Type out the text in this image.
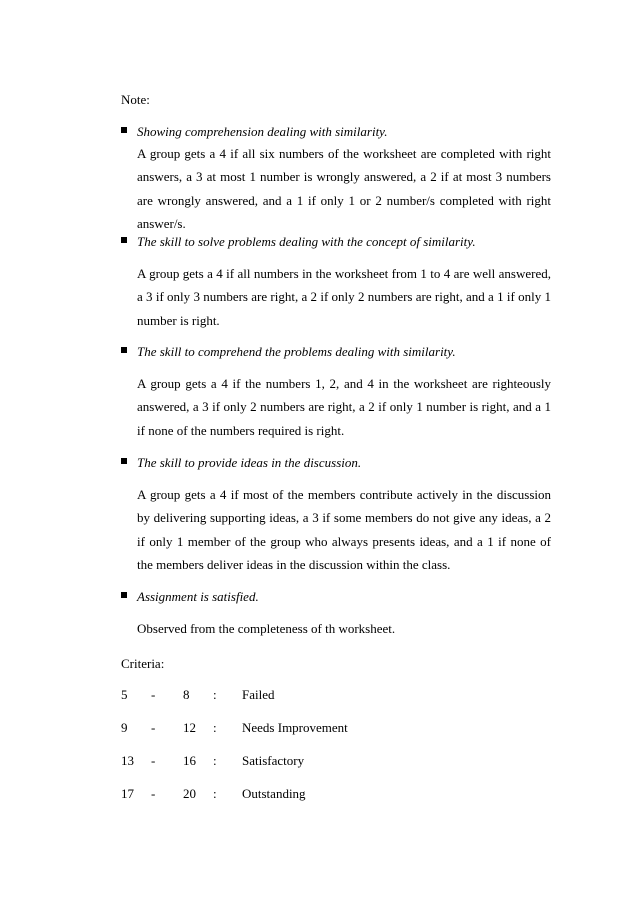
Note:
Showing comprehension dealing with similarity.

A group gets a 4 if all six numbers of the worksheet are completed with right answers, a 3 at most 1 number is wrongly answered, a 2 if at most 3 numbers are wrongly answered, and a 1 if only 1 or 2 number/s completed with right answer/s.

The skill to solve problems dealing with the concept of similarity.

A group gets a 4 if all numbers in the worksheet from 1 to 4 are well answered, a 3 if only 3 numbers are right, a 2 if only 2 numbers are right, and a 1 if only 1 number is right.

The skill to comprehend the problems dealing with similarity.

A group gets a 4 if the numbers 1, 2, and 4 in the worksheet are righteously answered, a 3 if only 2 numbers are right, a 2 if only 1 number is right, and a 1 if none of the numbers required is right.

The skill to provide ideas in the discussion.

A group gets a 4 if most of the members contribute actively in the discussion by delivering supporting ideas, a 3 if some members do not give any ideas, a 2 if only 1 member of the group who always presents ideas, and a 1 if none of the members deliver ideas in the discussion within the class.

Assignment is satisfied.

Observed from the completeness of th worksheet.

Criteria:
5 - 8 : Failed
9 - 12 : Needs Improvement
13 - 16 : Satisfactory
17 - 20 : Outstanding
